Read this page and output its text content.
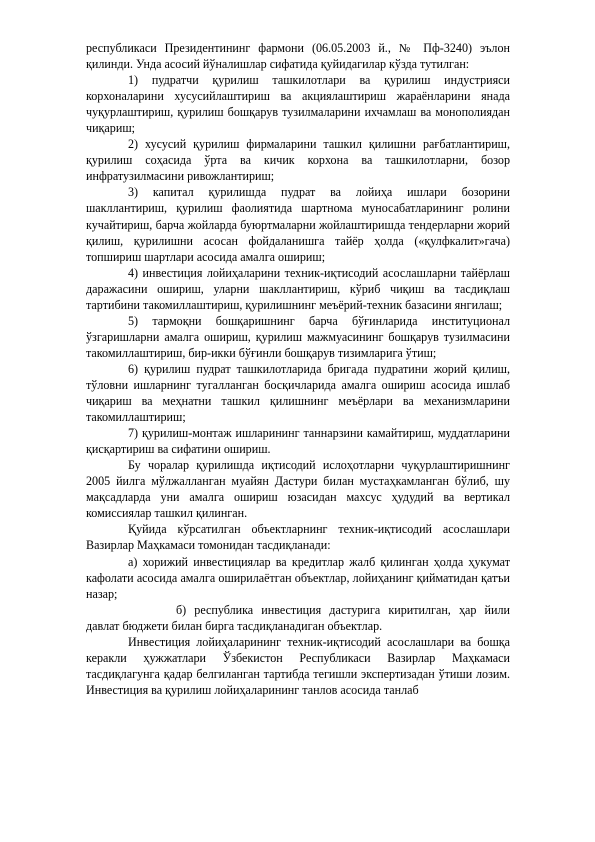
республикаси Президентининг фармони (06.05.2003 й., № Пф-3240) эълон қилинди. Унда асосий йўналишлар сифатида қуйидагилар кўзда тутилган:

1) пудратчи қурилиш ташкилотлари ва қурилиш индустрияси корхоналарини хусусийлаштириш ва акциялаштириш жараёнларини янада чуқурлаштириш, қурилиш бошқарув тузилмаларини ихчамлаш ва монополиядан чиқариш;

2) хусусий қурилиш фирмаларини ташкил қилишни рағбатлантириш, қурилиш соҳасида ўрта ва кичик корхона ва ташкилотларни, бозор инфратузилмасини ривожлантириш;

3) капитал қурилишда пудрат ва лойиҳа ишлари бозорини шакллантириш, қурилиш фаолиятида шартнома муносабатларининг ролини кучайтириш, барча жойларда буюртмаларни жойлаштиришда тендерларни жорий қилиш, қурилишни асосан фойдаланишга тайёр ҳолда («қулфкалит»гача) топшириш шартлари асосида амалга ошириш;

4) инвестиция лойиҳаларини техник-иқтисодий асослашларни тайёрлаш даражасини ошириш, уларни шакллантириш, кўриб чиқиш ва тасдиқлаш тартибини такомиллаштириш, қурилишнинг меъёрий-техник базасини янгилаш;

5) тармоқни бошқаришнинг барча бўғинларида институционал ўзгаришларни амалга ошириш, қурилиш мажмуасининг бошқарув тузилмасини такомиллаштириш, бир-икки бўғинли бошқарув тизимларига ўтиш;

6) қурилиш пудрат ташкилотларида бригада пудратини жорий қилиш, тўловни ишларнинг тугалланган босқичларида амалга ошириш асосида ишлаб чиқариш ва меҳнатни ташкил қилишнинг меъёрлари ва механизмларини такомиллаштириш;

7) қурилиш-монтаж ишларининг таннарзини камайтириш, муддатларини қисқартириш ва сифатини ошириш.

Бу чоралар қурилишда иқтисодий ислоҳотларни чуқурлаштиришнинг 2005 йилга мўлжалланган муайян Дастури билан мустаҳкамланган бўлиб, шу мақсадларда уни амалга ошириш юзасидан махсус ҳудудий ва вертикал комиссиялар ташкил қилинган.

Қуйида кўрсатилган объектларнинг техник-иқтисодий асослашлари Вазирлар Маҳкамаси томонидан тасдиқланади:

а) хорижий инвестициялар ва кредитлар жалб қилинган ҳолда ҳукумат кафолати асосида амалга оширилаётган объектлар, лойиҳанинг қийматидан қатъи назар;

б) республика инвестиция дастурига киритилган, ҳар йили давлат бюджети билан бирга тасдиқланадиган объектлар.

Инвестиция лойиҳаларининг техник-иқтисодий асослашлари ва бошқа керакли ҳужжатлари Ўзбекистон Республикаси Вазирлар Маҳкамаси тасдиқлагунга қадар белгиланган тартибда тегишли экспертизадан ўтиши лозим. Инвестиция ва қурилиш лойиҳаларининг танлов асосида танлаб
